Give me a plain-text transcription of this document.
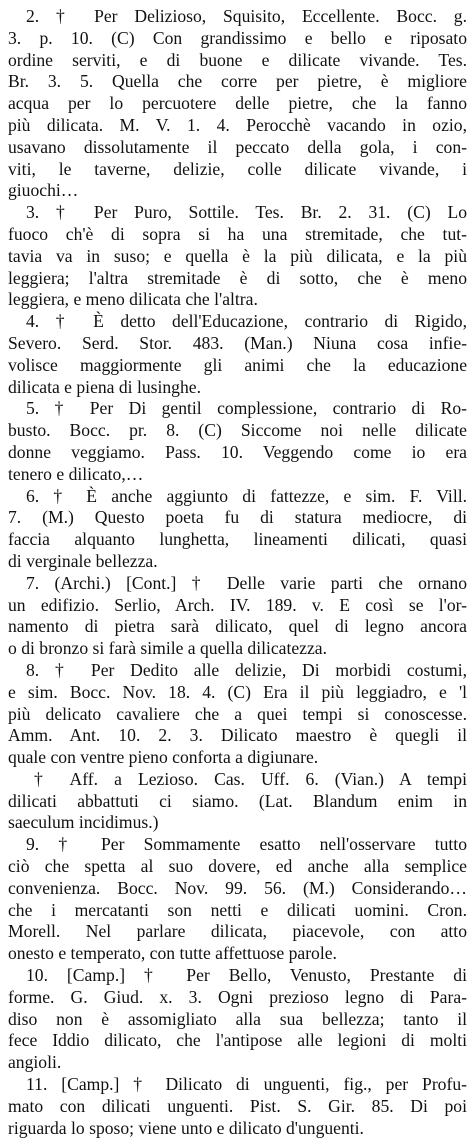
2. † Per Delizioso, Squisito, Eccellente. Bocc. g.
3. p. 10. (C) Con grandissimo e bello e riposato
ordine serviti, e di buone e dilicate vivande. Tes.
Br. 3. 5. Quella che corre per pietre, è migliore
acqua per lo percuotere delle pietre, che la fanno
più dilicata. M. V. 1. 4. Perocchè vacando in ozio,
usavano dissolutamente il peccato della gola, i con-
viti, le taverne, delizie, colle dilicate vivande, i
giuochi…
3. † Per Puro, Sottile. Tes. Br. 2. 31. (C) Lo
fuoco ch'è di sopra si ha una stremitade, che tut-
tavia va in suso; e quella è la più dilicata, e la più
leggiera; l'altra stremitade è di sotto, che è meno
leggiera, e meno dilicata che l'altra.
4. † È detto dell'Educazione, contrario di Rigido,
Severo. Serd. Stor. 483. (Man.) Niuna cosa infie-
volisce maggiormente gli animi che la educazione
dilicata e piena di lusinghe.
5. † Per Di gentil complessione, contrario di Ro-
busto. Bocc. pr. 8. (C) Siccome noi nelle dilicate
donne veggiamo. Pass. 10. Veggendo come io era
tenero e dilicato,…
6. † È anche aggiunto di fattezze, e sim. F. Vill.
7. (M.) Questo poeta fu di statura mediocre, di
faccia alquanto lunghetta, lineamenti dilicati, quasi
di verginale bellezza.
7. (Archi.) [Cont.] † Delle varie parti che ornano
un edifizio. Serlio, Arch. IV. 189. v. E così se l'or-
namento di pietra sarà dilicato, quel di legno ancora
o di bronzo si farà simile a quella dilicatezza.
8. † Per Dedito alle delizie, Di morbidi costumi,
e sim. Bocc. Nov. 18. 4. (C) Era il più leggiadro, e 'l
più delicato cavaliere che a quei tempi si conoscesse.
Amm. Ant. 10. 2. 3. Dilicato maestro è quegli il
quale con ventre pieno conforta a digiunare.
† Aff. a Lezioso. Cas. Uff. 6. (Vian.) A tempi
dilicati abbattuti ci siamo. (Lat. Blandum enim in
saeculum incidimus.)
9. † Per Sommamente esatto nell'osservare tutto
ciò che spetta al suo dovere, ed anche alla semplice
convenienza. Bocc. Nov. 99. 56. (M.) Considerando…
che i mercatanti son netti e dilicati uomini. Cron.
Morell. Nel parlare dilicata, piacevole, con atto
onesto e temperato, con tutte affettuose parole.
10. [Camp.] † Per Bello, Venusto, Prestante di
forme. G. Giud. x. 3. Ogni prezioso legno di Para-
diso non è assomigliato alla sua bellezza; tanto il
fece Iddio dilicato, che l'antipose alle legioni di molti
angioli.
11. [Camp.] † Dilicato di unguenti, fig., per Profu-
mato con dilicati unguenti. Pist. S. Gir. 85. Di poi
riguarda lo sposo; viene unto e dilicato d'unguenti.
